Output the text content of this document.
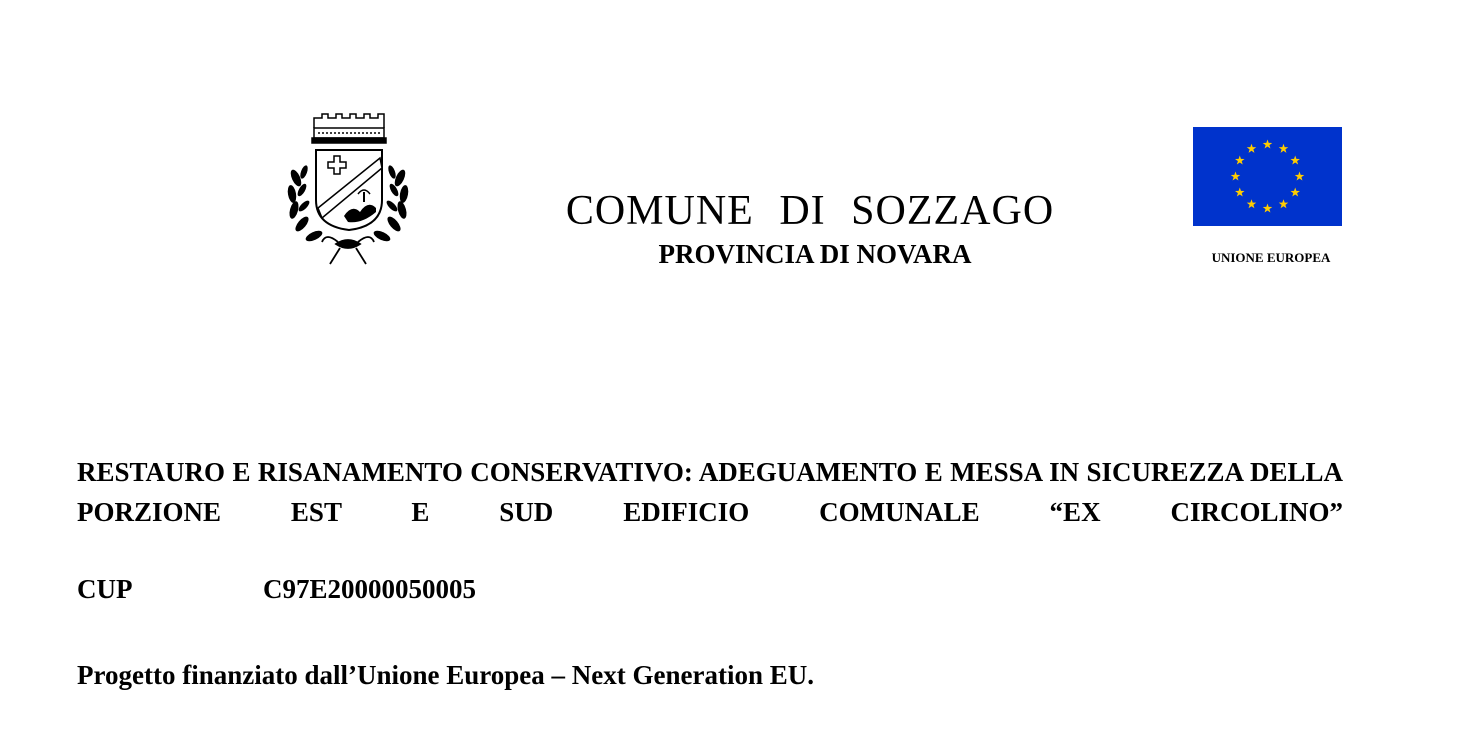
COMUNE DI SOZZAGO
PROVINCIA DI NOVARA	UNIONE EUROPEA
RESTAURO E RISANAMENTO CONSERVATIVO: ADEGUAMENTO E MESSA IN SICUREZZA DELLA PORZIONE EST E SUD EDIFICIO COMUNALE “EX CIRCOLINO”
CUP	C97E20000050005
Progetto finanziato dall’Unione Europea – Next Generation EU.
